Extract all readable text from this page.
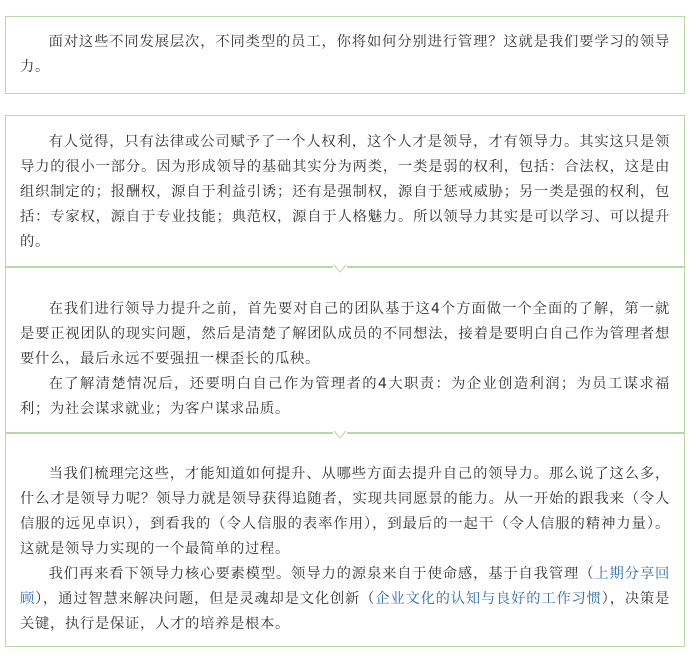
面对这些不同发展层次，不同类型的员工，你将如何分别进行管理？这就是我们要学习的领导力。

有人觉得，只有法律或公司赋予了一个人权利，这个人才是领导，才有领导力。其实这只是领导力的很小一部分。因为形成领导的基础其实分为两类，一类是弱的权利，包括：合法权，这是由组织制定的；报酬权，源自于利益引诱；还有是强制权，源自于惩戒威胁；另一类是强的权利，包括：专家权，源自于专业技能；典范权，源自于人格魅力。所以领导力其实是可以学习、可以提升的。

在我们进行领导力提升之前，首先要对自己的团队基于这4个方面做一个全面的了解，第一就是要正视团队的现实问题，然后是清楚了解团队成员的不同想法，接着是要明白自己作为管理者想要什么，最后永远不要强扭一棵歪长的瓜秧。

在了解清楚情况后，还要明白自己作为管理者的4大职责：为企业创造利润；为员工谋求福利；为社会谋求就业；为客户谋求品质。

当我们梳理完这些，才能知道如何提升、从哪些方面去提升自己的领导力。那么说了这么多，什么才是领导力呢？领导力就是领导获得追随者，实现共同愿景的能力。从一开始的跟我来（令人信服的远见卓识），到看我的（令人信服的表率作用），到最后的一起干（令人信服的精神力量）。这就是领导力实现的一个最简单的过程。

我们再来看下领导力核心要素模型。领导力的源泉来自于使命感，基于自我管理（上期分享回顾），通过智慧来解决问题，但是灵魂却是文化创新（企业文化的认知与良好的工作习惯），决策是关键，执行是保证，人才的培养是根本。
